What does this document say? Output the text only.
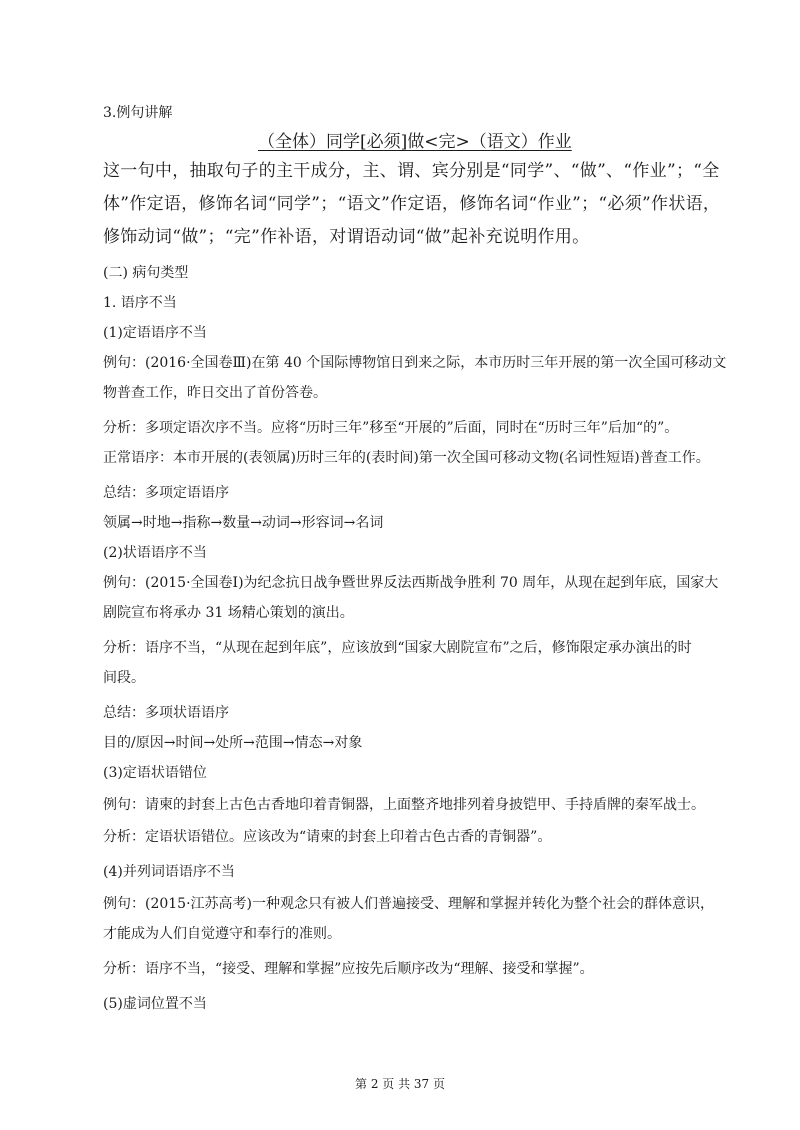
3.例句讲解
（全体）同学[必须]做<完>（语文）作业
这一句中，抽取句子的主干成分，主、谓、宾分别是“同学”、“做”、“作业”；“全
体”作定语，修饰名词“同学”；“语文”作定语，修饰名词“作业”；“必须”作状语，
修饰动词“做”；“完”作补语，对谓语动词“做”起补充说明作用。
(二) 病句类型
1. 语序不当
(1)定语语序不当
例句：(2016·全国卷Ⅲ)在第 40 个国际博物馆日到来之际，本市历时三年开展的第一次全国可移动文
物普查工作，昨日交出了首份答卷。
分析：多项定语次序不当。应将“历时三年”移至“开展的”后面，同时在“历时三年”后加“的”。
正常语序：本市开展的(表领属)历时三年的(表时间)第一次全国可移动文物(名词性短语)普查工作。
总结：多项定语语序
领属→时地→指称→数量→动词→形容词→名词
(2)状语语序不当
例句：(2015·全国卷Ⅰ)为纪念抗日战争暨世界反法西斯战争胜利 70 周年，从现在起到年底，国家大
剧院宣布将承办 31 场精心策划的演出。
分析：语序不当，“从现在起到年底”，应该放到“国家大剧院宣布”之后，修饰限定承办演出的时
间段。
总结：多项状语语序
目的/原因→时间→处所→范围→情态→对象
(3)定语状语错位
例句：请柬的封套上古色古香地印着青铜器，上面整齐地排列着身披铠甲、手持盾牌的秦军战士。
分析：定语状语错位。应该改为“请柬的封套上印着古色古香的青铜器”。
(4)并列词语语序不当
例句：(2015·江苏高考)一种观念只有被人们普遍接受、理解和掌握并转化为整个社会的群体意识，
才能成为人们自觉遵守和奉行的准则。
分析：语序不当，“接受、理解和掌握”应按先后顺序改为“理解、接受和掌握”。
(5)虚词位置不当
第 2 页 共 37 页
